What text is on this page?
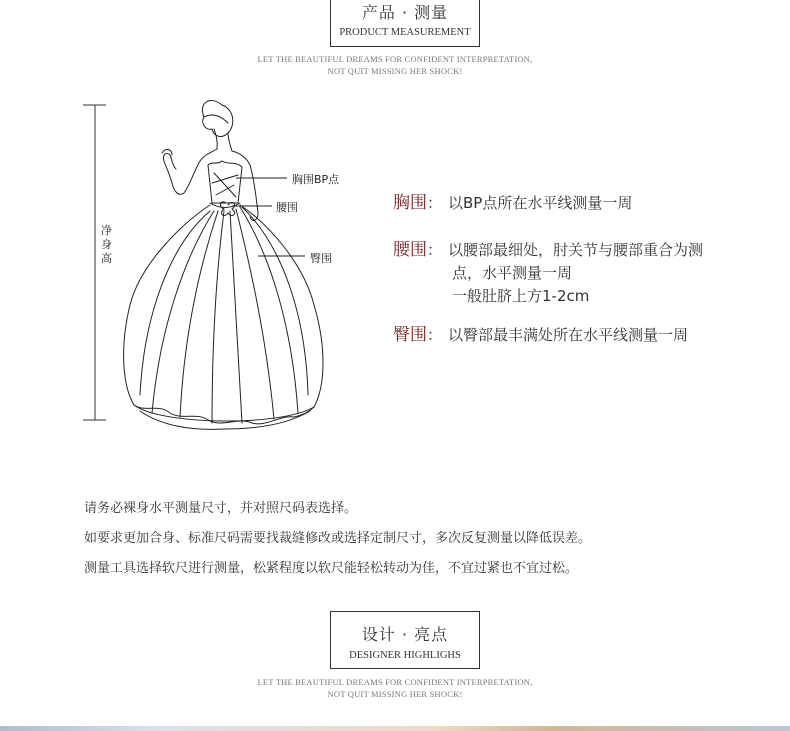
产品 · 测量
PRODUCT MEASUREMENT
LET THE BEAUTIFUL DREAMS FOR CONFIDENT INTERPRETATION,
NOT QUIT MISSING HER SHOCK!
净身高
胸围BP点
腰围
臀围
胸围： 以BP点所在水平线测量一周
腰围： 以腰部最细处，肘关节与腰部重合为测
点，水平测量一周
一般肚脐上方1-2cm
臀围： 以臀部最丰满处所在水平线测量一周
请务必裸身水平测量尺寸，并对照尺码表选择。
如要求更加合身、标准尺码需要找裁缝修改或选择定制尺寸，多次反复测量以降低误差。
测量工具选择软尺进行测量，松紧程度以软尺能轻松转动为佳，不宜过紧也不宜过松。
设计 · 亮点
DESIGNER HIGHLIGHS
LET THE BEAUTIFUL DREAMS FOR CONFIDENT INTERPRETATION,
NOT QUIT MISSING HER SHOCK!
